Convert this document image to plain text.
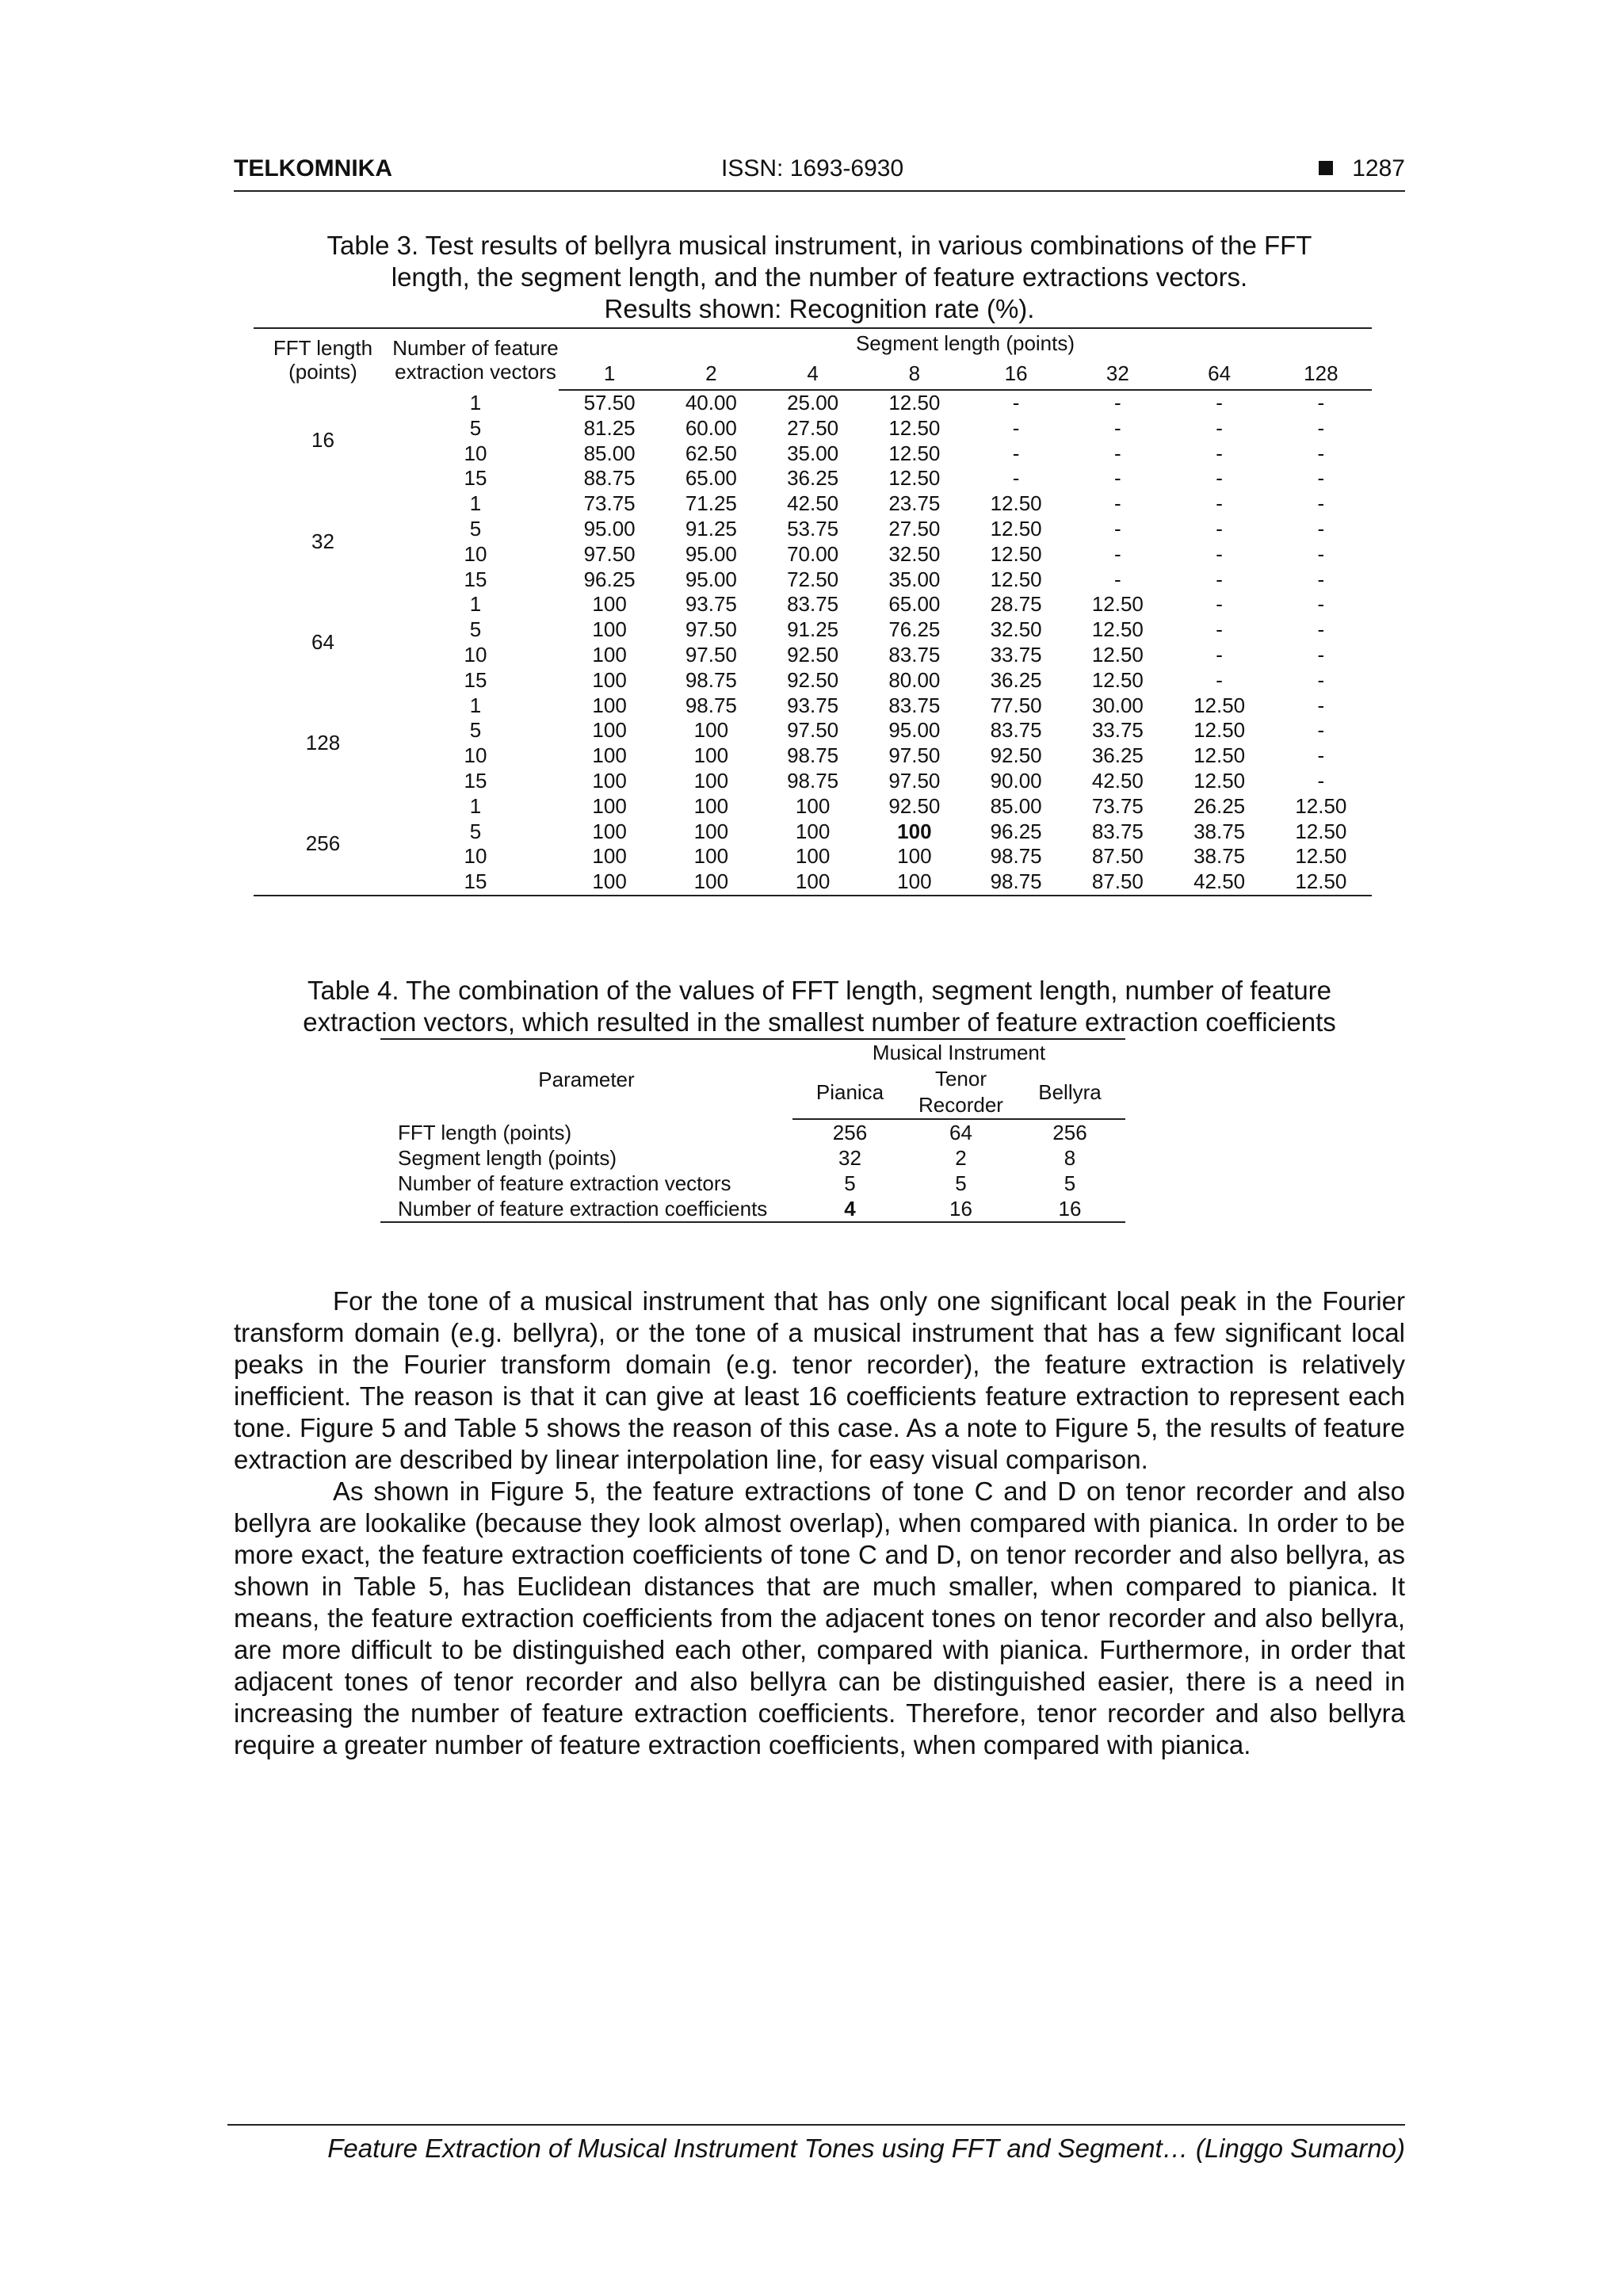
TELKOMNIKA	ISSN: 1693-6930	1287
Table 3. Test results of bellyra musical instrument, in various combinations of the FFT
length, the segment length, and the number of feature extractions vectors.
Results shown: Recognition rate (%).
FFT length (points)	Number of feature extraction vectors	Segment length (points)							
		1	2	4	8	16	32	64	128
16	1	57.50	40.00	25.00	12.50	-	-	-	-
	5	81.25	60.00	27.50	12.50	-	-	-	-
	10	85.00	62.50	35.00	12.50	-	-	-	-
	15	88.75	65.00	36.25	12.50	-	-	-	-
32	1	73.75	71.25	42.50	23.75	12.50	-	-	-
	5	95.00	91.25	53.75	27.50	12.50	-	-	-
	10	97.50	95.00	70.00	32.50	12.50	-	-	-
	15	96.25	95.00	72.50	35.00	12.50	-	-	-
64	1	100	93.75	83.75	65.00	28.75	12.50	-	-
	5	100	97.50	91.25	76.25	32.50	12.50	-	-
	10	100	97.50	92.50	83.75	33.75	12.50	-	-
	15	100	98.75	92.50	80.00	36.25	12.50	-	-
128	1	100	98.75	93.75	83.75	77.50	30.00	12.50	-
	5	100	100	97.50	95.00	83.75	33.75	12.50	-
	10	100	100	98.75	97.50	92.50	36.25	12.50	-
	15	100	100	98.75	97.50	90.00	42.50	12.50	-
256	1	100	100	100	92.50	85.00	73.75	26.25	12.50
	5	100	100	100	100	96.25	83.75	38.75	12.50
	10	100	100	100	100	98.75	87.50	38.75	12.50
	15	100	100	100	100	98.75	87.50	42.50	12.50
Table 4. The combination of the values of FFT length, segment length, number of feature
extraction vectors, which resulted in the smallest number of feature extraction coefficients
Parameter	Musical Instrument		
	Pianica	Tenor Recorder	Bellyra

FFT length (points)	256	64	256
Segment length (points)	32	2	8
Number of feature extraction vectors	5	5	5
Number of feature extraction coefficients	4	16	16

For the tone of a musical instrument that has only one significant local peak in the Fourier transform domain (e.g. bellyra), or the tone of a musical instrument that has a few significant local peaks in the Fourier transform domain (e.g. tenor recorder), the feature extraction is relatively inefficient. The reason is that it can give at least 16 coefficients feature extraction to represent each tone. Figure 5 and Table 5 shows the reason of this case. As a note to Figure 5, the results of feature extraction are described by linear interpolation line, for easy visual comparison.

As shown in Figure 5, the feature extractions of tone C and D on tenor recorder and also bellyra are lookalike (because they look almost overlap), when compared with pianica. In order to be more exact, the feature extraction coefficients of tone C and D, on tenor recorder and also bellyra, as shown in Table 5, has Euclidean distances that are much smaller, when compared to pianica. It means, the feature extraction coefficients from the adjacent tones on tenor recorder and also bellyra, are more difficult to be distinguished each other, compared with pianica. Furthermore, in order that adjacent tones of tenor recorder and also bellyra can be distinguished easier, there is a need in increasing the number of feature extraction coefficients. Therefore, tenor recorder and also bellyra require a greater number of feature extraction coefficients, when compared with pianica.

Feature Extraction of Musical Instrument Tones using FFT and Segment… (Linggo Sumarno)
